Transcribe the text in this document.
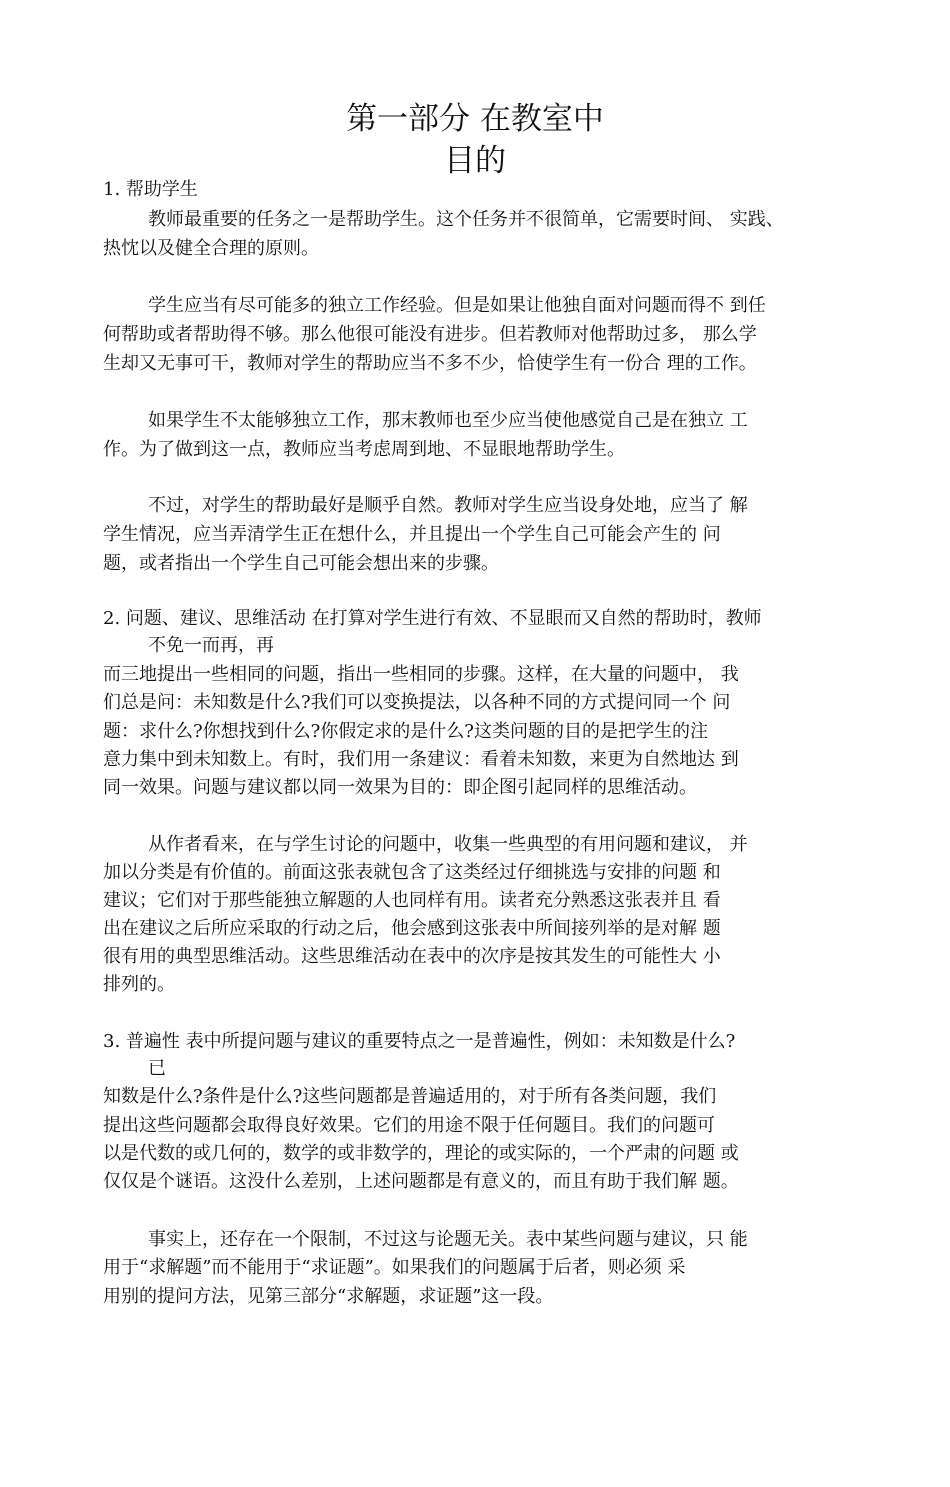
第一部分 在教室中
目的
1. 帮助学生
教师最重要的任务之一是帮助学生。这个任务并不很简单，它需要时间、 实践、
热忱以及健全合理的原则。
学生应当有尽可能多的独立工作经验。但是如果让他独自面对问题而得不 到任
何帮助或者帮助得不够。那么他很可能没有进步。但若教师对他帮助过多， 那么学
生却又无事可干，教师对学生的帮助应当不多不少，恰使学生有一份合 理的工作。
如果学生不太能够独立工作，那末教师也至少应当使他感觉自己是在独立 工
作。为了做到这一点，教师应当考虑周到地、不显眼地帮助学生。
不过，对学生的帮助最好是顺乎自然。教师对学生应当设身处地，应当了 解
学生情况，应当弄清学生正在想什么，并且提出一个学生自己可能会产生的 问
题，或者指出一个学生自己可能会想出来的步骤。
2. 问题、建议、思维活动 在打算对学生进行有效、不显眼而又自然的帮助时，教师
不免一而再，再
而三地提出一些相同的问题，指出一些相同的步骤。这样，在大量的问题中， 我
们总是问：未知数是什么?我们可以变换提法，以各种不同的方式提问同一个 问
题：求什么?你想找到什么?你假定求的是什么?这类问题的目的是把学生的注
意力集中到未知数上。有时，我们用一条建议：看着未知数，来更为自然地达 到
同一效果。问题与建议都以同一效果为目的：即企图引起同样的思维活动。
从作者看来，在与学生讨论的问题中，收集一些典型的有用问题和建议， 并
加以分类是有价值的。前面这张表就包含了这类经过仔细挑选与安排的问题 和
建议；它们对于那些能独立解题的人也同样有用。读者充分熟悉这张表并且 看
出在建议之后所应采取的行动之后，他会感到这张表中所间接列举的是对解 题
很有用的典型思维活动。这些思维活动在表中的次序是按其发生的可能性大 小
排列的。
3. 普遍性 表中所提问题与建议的重要特点之一是普遍性，例如：未知数是什么?
已
知数是什么?条件是什么?这些问题都是普遍适用的，对于所有各类问题，我们
提出这些问题都会取得良好效果。它们的用途不限于任何题目。我们的问题可
以是代数的或几何的，数学的或非数学的，理论的或实际的，一个严肃的问题 或
仅仅是个谜语。这没什么差别，上述问题都是有意义的，而且有助于我们解 题。
事实上，还存在一个限制，不过这与论题无关。表中某些问题与建议，只 能
用于“求解题”而不能用于“求证题”。如果我们的问题属于后者，则必须 采
用别的提问方法，见第三部分“求解题，求证题”这一段。
